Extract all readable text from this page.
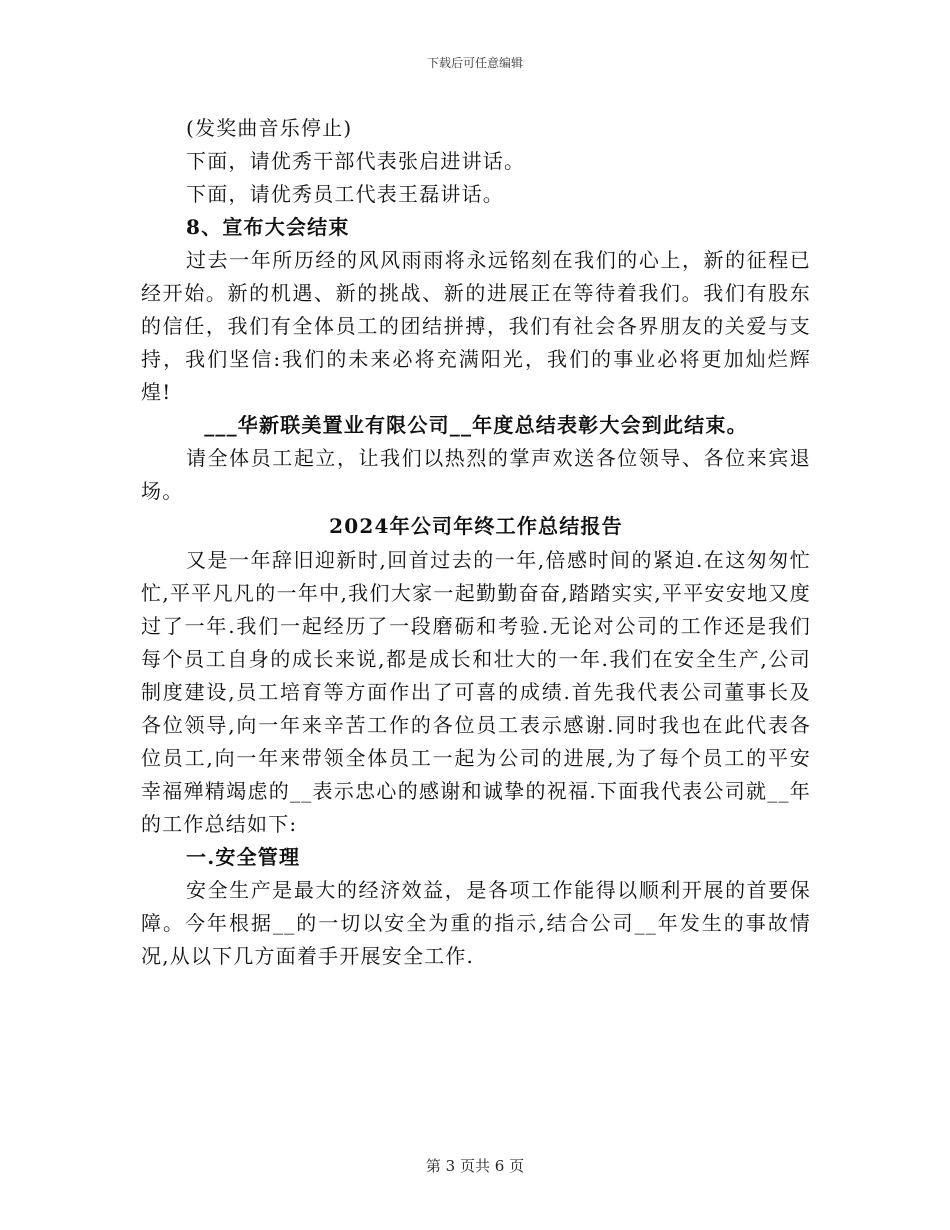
下载后可任意编辑

(发奖曲音乐停止)

下面，请优秀干部代表张启进讲话。

下面，请优秀员工代表王磊讲话。

8、宣布大会结束

过去一年所历经的风风雨雨将永远铭刻在我们的心上，新的征程已经开始。新的机遇、新的挑战、新的进展正在等待着我们。我们有股东的信任，我们有全体员工的团结拼搏，我们有社会各界朋友的关爱与支持，我们坚信:我们的未来必将充满阳光，我们的事业必将更加灿烂辉煌!

___华新联美置业有限公司__年度总结表彰大会到此结束。

请全体员工起立，让我们以热烈的掌声欢送各位领导、各位来宾退场。

2024年公司年终工作总结报告

又是一年辞旧迎新时,回首过去的一年,倍感时间的紧迫.在这匆匆忙忙,平平凡凡的一年中,我们大家一起勤勤奋奋,踏踏实实,平平安安地又度过了一年.我们一起经历了一段磨砺和考验.无论对公司的工作还是我们每个员工自身的成长来说,都是成长和壮大的一年.我们在安全生产,公司制度建设,员工培育等方面作出了可喜的成绩.首先我代表公司董事长及各位领导,向一年来辛苦工作的各位员工表示感谢.同时我也在此代表各位员工,向一年来带领全体员工一起为公司的进展,为了每个员工的平安幸福殚精竭虑的__表示忠心的感谢和诚挚的祝福.下面我代表公司就__年的工作总结如下:

一.安全管理

安全生产是最大的经济效益，是各项工作能得以顺利开展的首要保障。今年根据__的一切以安全为重的指示,结合公司__年发生的事故情况,从以下几方面着手开展安全工作.

第 3 页共 6 页
